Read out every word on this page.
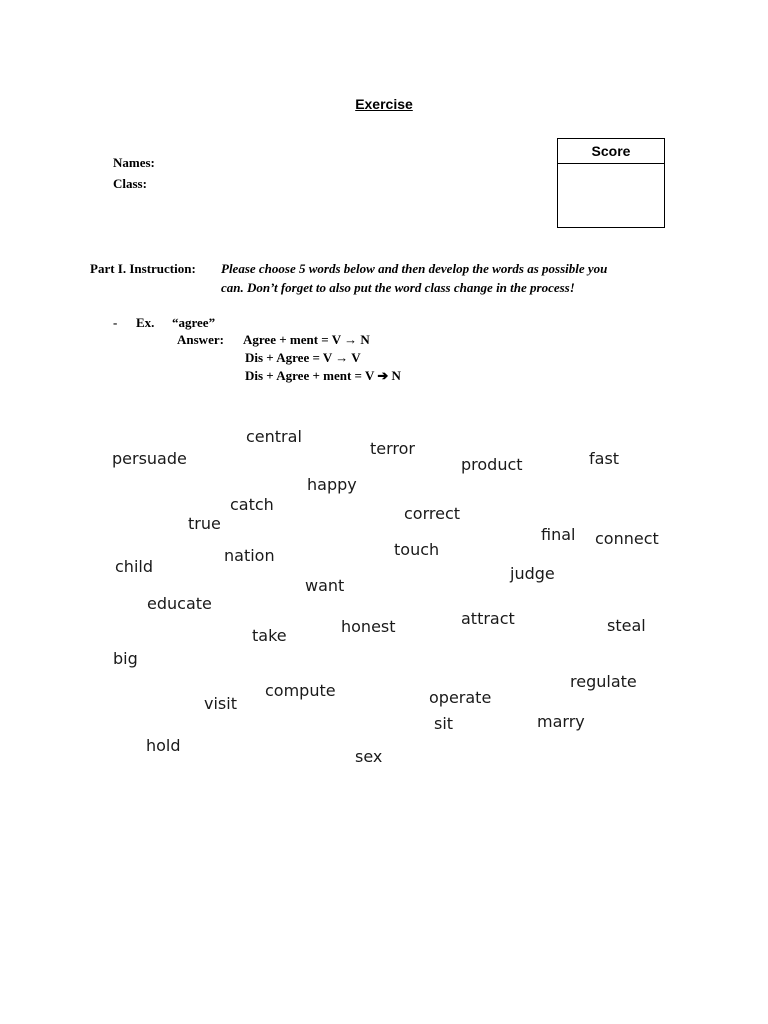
Exercise
Names:
Class:
Score
Part I. Instruction: Please choose 5 words below and then develop the words as possible you
can. Don’t forget to also put the word class change in the process!
- Ex. “agree”
Answer: Agree + ment = V → N
Dis + Agree = V → V
Dis + Agree + ment = V ➔ N
central
terror
persuade	product	fast
happy
catch	correct
true
final connect
touch
nation
child	judge
want
educate
attract
honest	steal
take
big
regulate
compute	operate
visit
sit	marry
hold
sex
